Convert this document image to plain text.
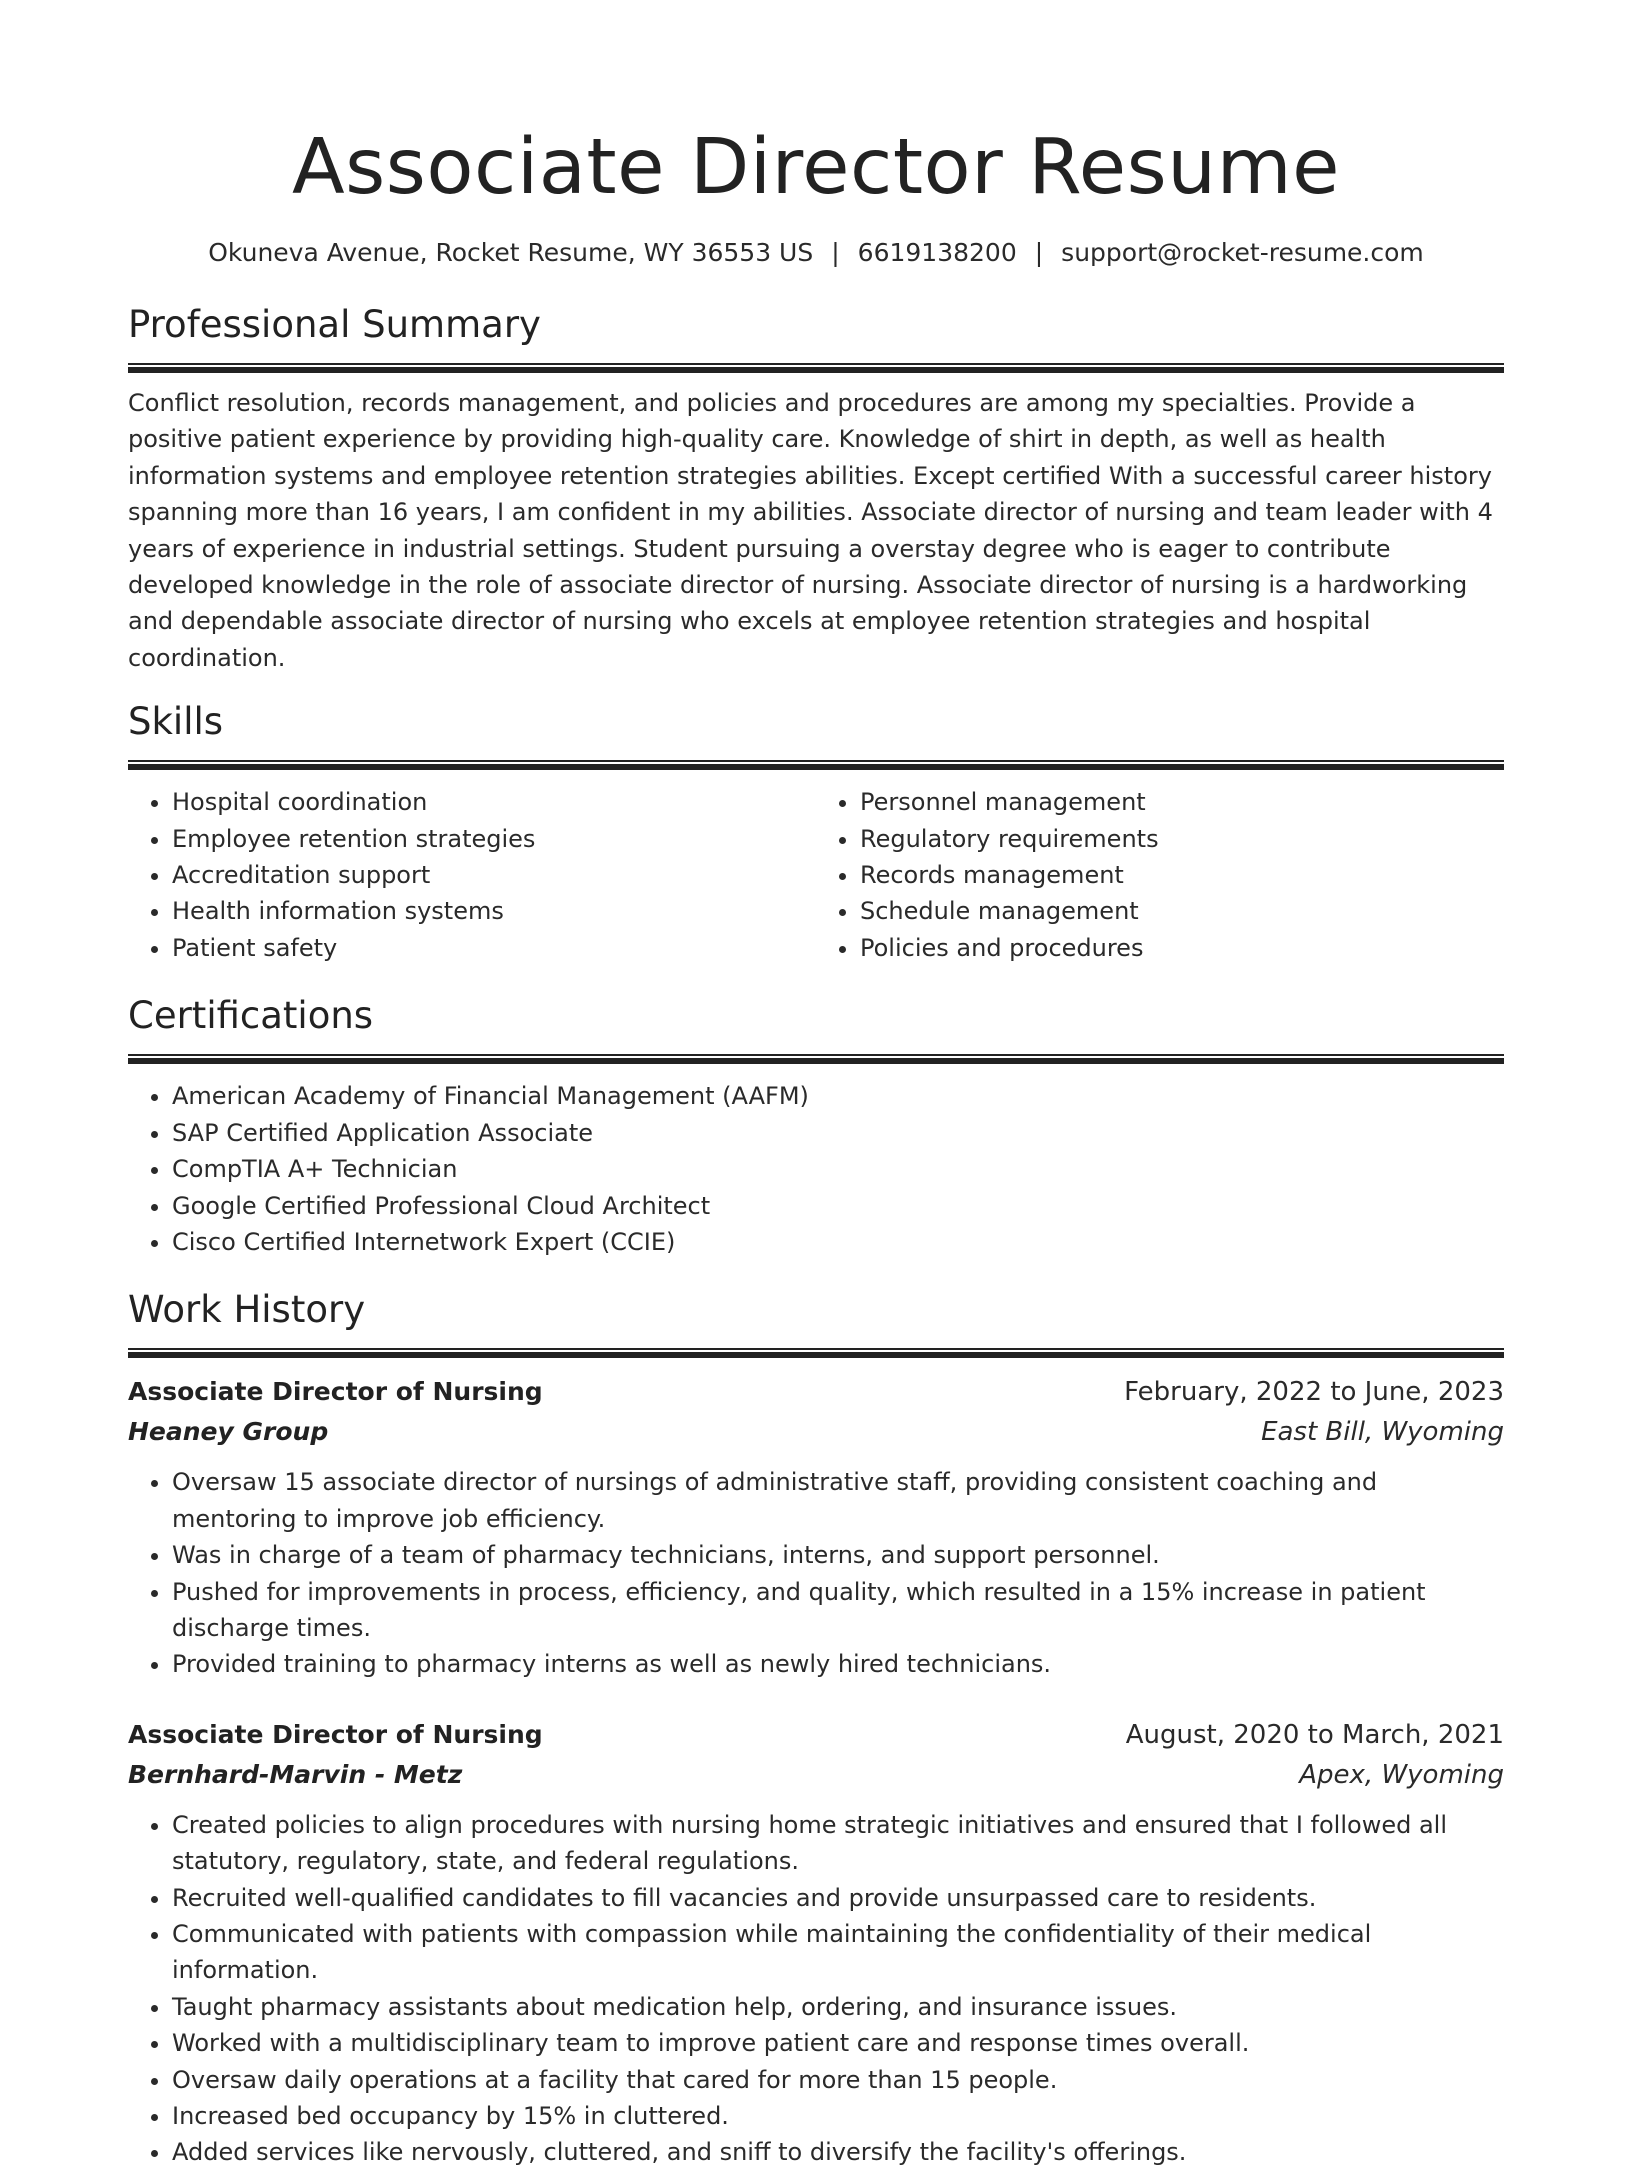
Associate Director Resume
Okuneva Avenue, Rocket Resume, WY 36553 US | 6619138200 | support@rocket-resume.com
Professional Summary

Conflict resolution, records management, and policies and procedures are among my specialties. Provide a positive patient experience by providing high-quality care. Knowledge of shirt in depth, as well as health information systems and employee retention strategies abilities. Except certified With a successful career history spanning more than 16 years, I am confident in my abilities. Associate director of nursing and team leader with 4 years of experience in industrial settings. Student pursuing a overstay degree who is eager to contribute developed knowledge in the role of associate director of nursing. Associate director of nursing is a hardworking and dependable associate director of nursing who excels at employee retention strategies and hospital coordination.

Skills
• Hospital coordination
• Employee retention strategies
• Accreditation support
• Health information systems
• Patient safety
• Personnel management
• Regulatory requirements
• Records management
• Schedule management
• Policies and procedures
Certifications
• American Academy of Financial Management (AAFM)
• SAP Certified Application Associate
• CompTIA A+ Technician
• Google Certified Professional Cloud Architect
• Cisco Certified Internetwork Expert (CCIE)
Work History
Associate Director of Nursing	February, 2022 to June, 2023
Heaney Group	East Bill, Wyoming
• Oversaw 15 associate director of nursings of administrative staff, providing consistent coaching and mentoring to improve job efficiency.
• Was in charge of a team of pharmacy technicians, interns, and support personnel.
• Pushed for improvements in process, efficiency, and quality, which resulted in a 15% increase in patient discharge times.
• Provided training to pharmacy interns as well as newly hired technicians.
Associate Director of Nursing	August, 2020 to March, 2021
Bernhard-Marvin - Metz	Apex, Wyoming
• Created policies to align procedures with nursing home strategic initiatives and ensured that I followed all statutory, regulatory, state, and federal regulations.
• Recruited well-qualified candidates to fill vacancies and provide unsurpassed care to residents.
• Communicated with patients with compassion while maintaining the confidentiality of their medical information.
• Taught pharmacy assistants about medication help, ordering, and insurance issues.
• Worked with a multidisciplinary team to improve patient care and response times overall.
• Oversaw daily operations at a facility that cared for more than 15 people.
• Increased bed occupancy by 15% in cluttered.
• Added services like nervously, cluttered, and sniff to diversify the facility's offerings.
